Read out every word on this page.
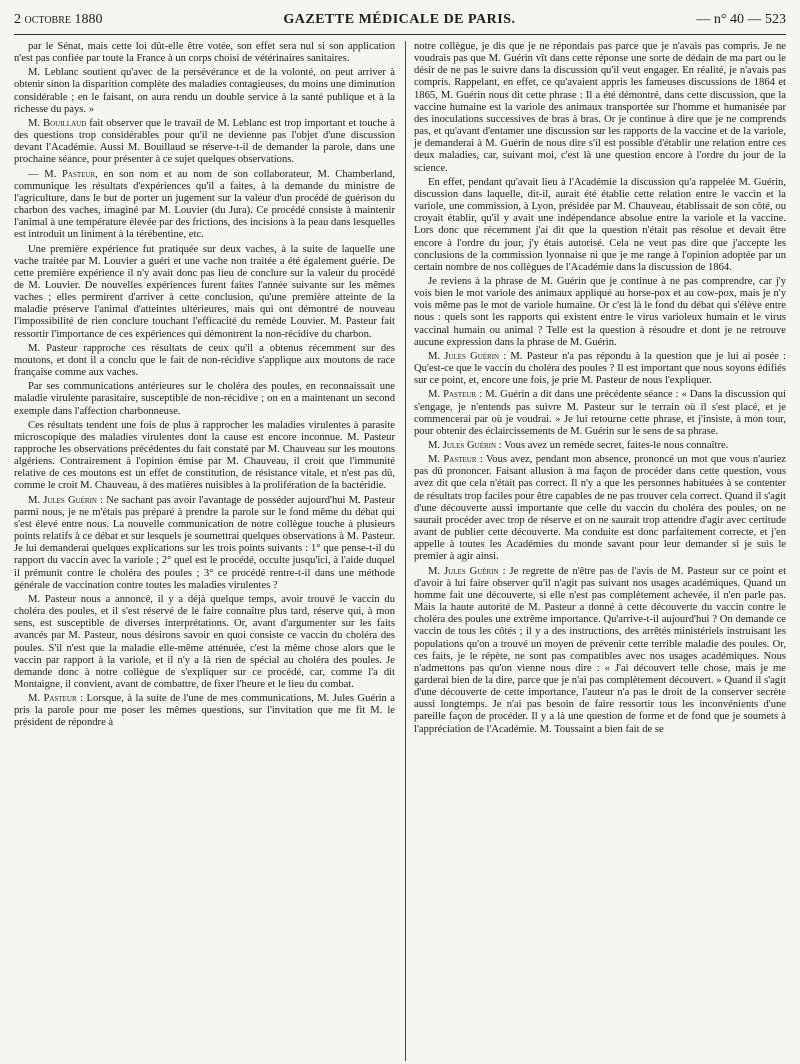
2 octobre 1880	GAZETTE MÉDICALE DE PARIS.	— n° 40 — 523

par le Sénat, mais cette loi dût-elle être votée, son effet sera nul si son application n'est pas confiée par toute la France à un corps choisi de vétérinaires sanitaires.

M. Leblanc soutient qu'avec de la persévérance et de la volonté, on peut arriver à obtenir sinon la disparition complète des maladies contagieuses, du moins une diminution considérable ; en le faisant, on aura rendu un double service à la santé publique et à la richesse du pays. »

M. Bouillaud fait observer que le travail de M. Leblanc est trop important et touche à des questions trop considérables pour qu'il ne devienne pas l'objet d'une discussion devant l'Académie. Aussi M. Bouillaud se réserve-t-il de demander la parole, dans une prochaine séance, pour présenter à ce sujet quelques observations.

— M. Pasteur, en son nom et au nom de son collaborateur, M. Chamberland, communique les résultats d'expériences qu'il a faites, à la demande du ministre de l'agriculture, dans le but de porter un jugement sur la valeur d'un procédé de guérison du charbon des vaches, imaginé par M. Louvier (du Jura). Ce procédé consiste à maintenir l'animal à une température élevée par des frictions, des incisions à la peau dans lesquelles est introduit un liniment à la térébentine, etc.

Une première expérience fut pratiquée sur deux vaches, à la suite de laquelle une vache traitée par M. Louvier a guéri et une vache non traitée a été également guérie. De cette première expérience il n'y avait donc pas lieu de conclure sur la valeur du procédé de M. Louvier. De nouvelles expériences furent faites l'année suivante sur les mêmes vaches ; elles permirent d'arriver à cette conclusion, qu'une première atteinte de la maladie préserve l'animal d'atteintes ultérieures, mais qui ont démontré de nouveau l'impossibilité de rien conclure touchant l'efficacité du remède Louvier. M. Pasteur fait ressortir l'importance de ces expériences qui démontrent la non-récidive du charbon.

M. Pasteur rapproche ces résultats de ceux qu'il a obtenus récemment sur des moutons, et dont il a conclu que le fait de non-récidive s'applique aux moutons de race française comme aux vaches.

Par ses communications antérieures sur le choléra des poules, en reconnaissait une maladie virulente parasitaire, susceptible de non-récidive ; on en a maintenant un second exemple dans l'affection charbonneuse.

Ces résultats tendent une fois de plus à rapprocher les maladies virulentes à parasite microscopique des maladies virulentes dont la cause est encore inconnue. M. Pasteur rapproche les observations précédentes du fait constaté par M. Chauveau sur les moutons algériens. Contrairement à l'opinion émise par M. Chauveau, il croit que l'immunité relative de ces moutons est un effet de constitution, de résistance vitale, et n'est pas dû, comme le croit M. Chauveau, à des matières nuisibles à la prolifération de la bactéridie.

M. Jules Guérin : Ne sachant pas avoir l'avantage de posséder aujourd'hui M. Pasteur parmi nous, je ne m'étais pas préparé à prendre la parole sur le fond même du débat qui s'est élevé entre nous. La nouvelle communication de notre collègue touche à plusieurs points relatifs à ce débat et sur lesquels je soumettrai quelques observations à M. Pasteur. Je lui demanderai quelques explications sur les trois points suivants : 1° que pense-t-il du rapport du vaccin avec la variole ; 2° quel est le procédé, occulte jusqu'ici, à l'aide duquel il prémunit contre le choléra des poules ; 3° ce procédé rentre-t-il dans une méthode générale de vaccination contre toutes les maladies virulentes ?

M. Pasteur nous a annoncé, il y a déjà quelque temps, avoir trouvé le vaccin du choléra des poules, et il s'est réservé de le faire connaître plus tard, réserve qui, à mon sens, est susceptible de diverses interprétations. Or, avant d'argumenter sur les faits avancés par M. Pasteur, nous désirons savoir en quoi consiste ce vaccin du choléra des poules. S'il n'est que la maladie elle-même atténuée, c'est la même chose alors que le vaccin par rapport à la variole, et il n'y a là rien de spécial au choléra des poules. Je demande donc à notre collègue de s'expliquer sur ce procédé, car, comme l'a dit Montaigne, il convient, avant de combattre, de fixer l'heure et le lieu du combat.

M. Pasteur : Lorsque, à la suite de l'une de mes communications, M. Jules Guérin a pris la parole pour me poser les mêmes questions, sur l'invitation que me fit M. le président de répondre à

notre collègue, je dis que je ne répondais pas parce que je n'avais pas compris. Je ne voudrais pas que M. Guérin vît dans cette réponse une sorte de dédain de ma part ou le désir de ne pas le suivre dans la discussion qu'il veut engager. En réalité, je n'avais pas compris. Rappelant, en effet, ce qu'avaient appris les fameuses discussions de 1864 et 1865, M. Guérin nous dit cette phrase : Il a été démontré, dans cette discussion, que la vaccine humaine est la variole des animaux transportée sur l'homme et humanisée par des inoculations successives de bras à bras. Or je continue à dire que je ne comprends pas, et qu'avant d'entamer une discussion sur les rapports de la vaccine et de la variole, je demanderai à M. Guérin de nous dire s'il est possible d'établir une relation entre ces deux maladies, car, suivant moi, c'est là une question encore à l'ordre du jour de la science.

En effet, pendant qu'avait lieu à l'Académie la discussion qu'a rappelée M. Guérin, discussion dans laquelle, dit-il, aurait été établie cette relation entre le vaccin et la variole, une commission, à Lyon, présidée par M. Chauveau, établissait de son côté, ou croyait établir, qu'il y avait une indépendance absolue entre la variole et la vaccine. Lors donc que récemment j'ai dit que la question n'était pas résolue et devait être encore à l'ordre du jour, j'y étais autorisé. Cela ne veut pas dire que j'accepte les conclusions de la commission lyonnaise ni que je me range à l'opinion adoptée par un certain nombre de nos collègues de l'Académie dans la discussion de 1864.

Je reviens à la phrase de M. Guérin que je continue à ne pas comprendre, car j'y vois bien le mot variole des animaux appliqué au horse-pox et au cow-pox, mais je n'y vois même pas le mot de variole humaine. Or c'est là le fond du débat qui s'élève entre nous : quels sont les rapports qui existent entre le virus varioleux humain et le virus vaccinal humain ou animal ? Telle est la question à résoudre et dont je ne retrouve aucune expression dans la phrase de M. Guérin.

M. Jules Guérin : M. Pasteur n'a pas répondu à la question que je lui ai posée : Qu'est-ce que le vaccin du choléra des poules ? Il est important que nous soyons édifiés sur ce point, et, encore une fois, je prie M. Pasteur de nous l'expliquer.

M. Pasteur : M. Guérin a dit dans une précédente séance : « Dans la discussion qui s'engage, je n'entends pas suivre M. Pasteur sur le terrain où il s'est placé, et je commencerai par où je voudrai. » Je lui retourne cette phrase, et j'insiste, à mon tour, pour obtenir des éclaircissements de M. Guérin sur le sens de sa phrase.

M. Jules Guérin : Vous avez un remède secret, faites-le nous connaître.

M. Pasteur : Vous avez, pendant mon absence, prononcé un mot que vous n'auriez pas dû prononcer. Faisant allusion à ma façon de procéder dans cette question, vous avez dit que cela n'était pas correct. Il n'y a que les personnes habituées à se contenter de résultats trop faciles pour être capables de ne pas trouver cela correct. Quand il s'agit d'une découverte aussi importante que celle du vaccin du choléra des poules, on ne saurait procéder avec trop de réserve et on ne saurait trop attendre d'agir avec certitude avant de publier cette découverte. Ma conduite est donc parfaitement correcte, et j'en appelle à toutes les Académies du monde savant pour leur demander si je suis le premier à agir ainsi.

M. Jules Guérin : Je regrette de n'être pas de l'avis de M. Pasteur sur ce point et d'avoir à lui faire observer qu'il n'agit pas suivant nos usages académiques. Quand un homme fait une découverte, si elle n'est pas complètement achevée, il n'en parle pas. Mais la haute autorité de M. Pasteur a donné à cette découverte du vaccin contre le choléra des poules une extrême importance. Qu'arrive-t-il aujourd'hui ? On demande ce vaccin de tous les côtés ; il y a des instructions, des arrêtés ministériels instruisant les populations qu'on a trouvé un moyen de prévenir cette terrible maladie des poules. Or, ces faits, je le répète, ne sont pas compatibles avec nos usages académiques. Nous n'admettons pas qu'on vienne nous dire : « J'ai découvert telle chose, mais je me garderai bien de la dire, parce que je n'ai pas complètement découvert. » Quand il s'agit d'une découverte de cette importance, l'auteur n'a pas le droit de la conserver secrète aussi longtemps. Je n'ai pas besoin de faire ressortir tous les inconvénients d'une pareille façon de procéder. Il y a là une question de forme et de fond que je soumets à l'appréciation de l'Académie. M. Toussaint a bien fait de se
